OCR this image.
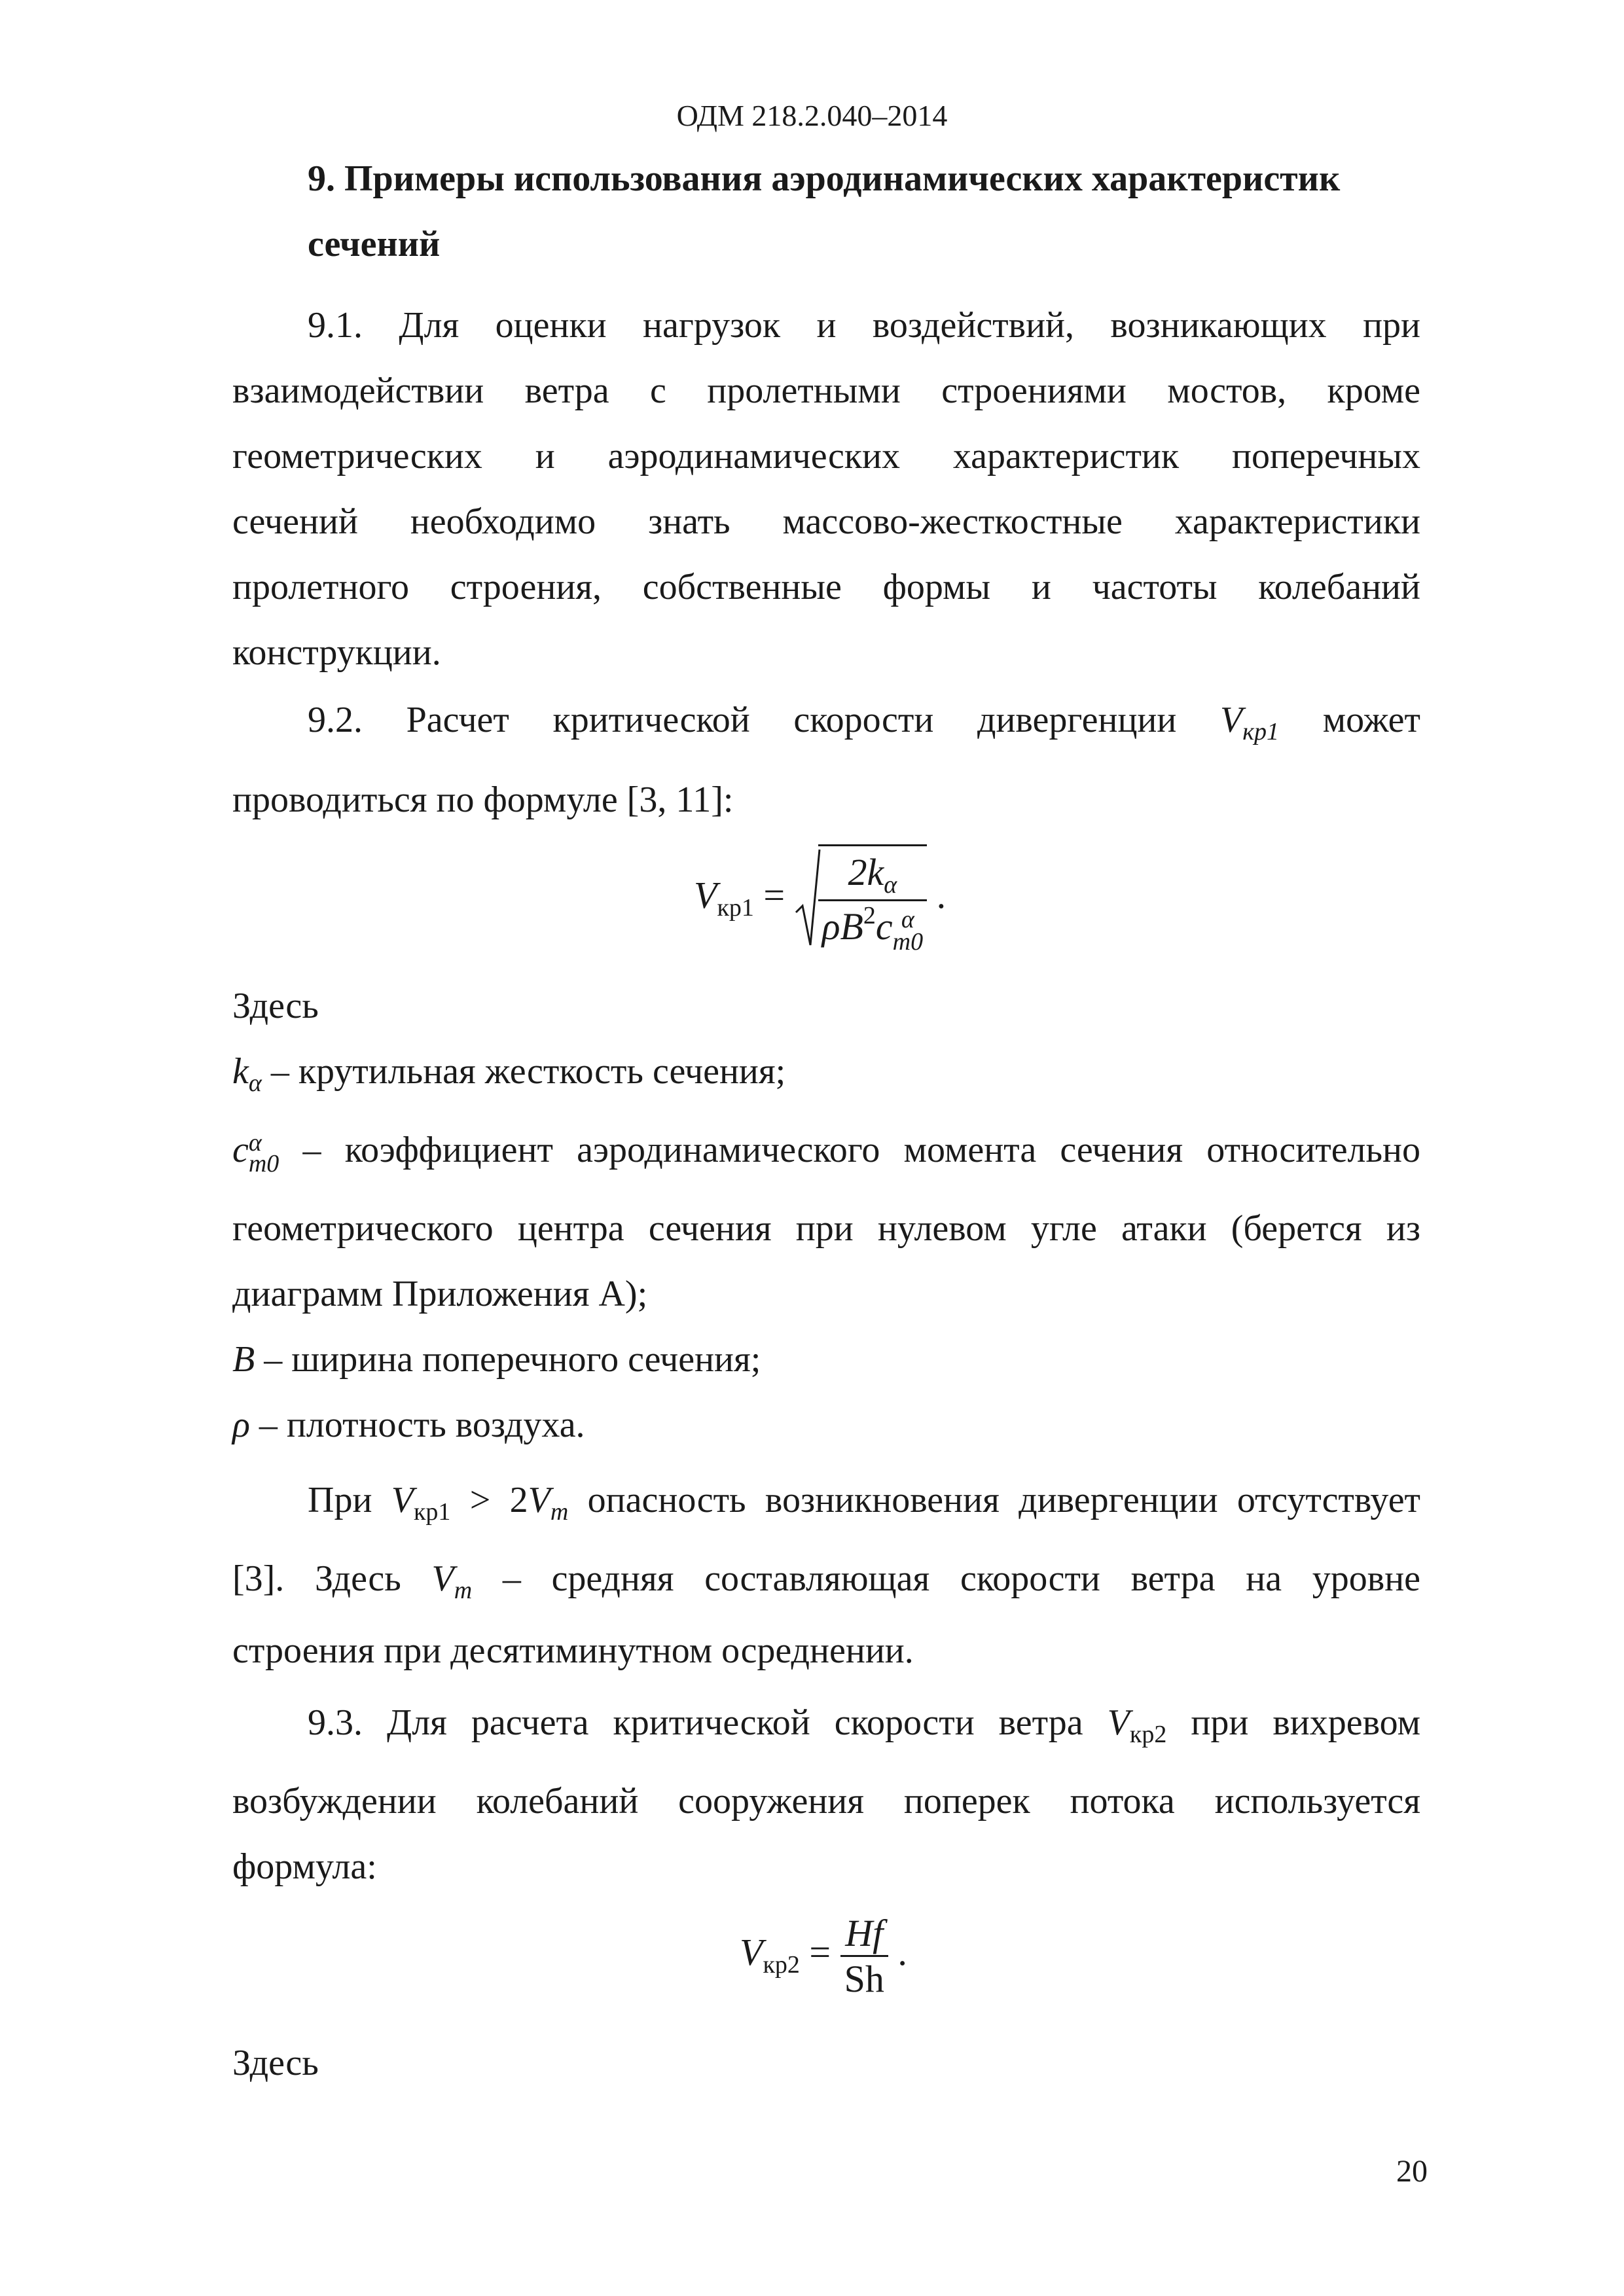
ОДМ 218.2.040–2014
9. Примеры использования аэродинамических характеристик
сечений
9.1. Для оценки нагрузок и воздействий, возникающих при
взаимодействии ветра с пролетными строениями мостов, кроме
геометрических и аэродинамических характеристик поперечных
сечений необходимо знать массово-жесткостные характеристики
пролетного строения, собственные формы и частоты колебаний
конструкции.
9.2. Расчет критической скорости дивергенции $V_{кр1}$ может
проводиться по формуле [3, 11]:
$V_{кр1} = 2k_\alpha$
$\rho B^2c$ α
m0 .
Здесь
$k_\alpha$ – крутильная жесткость сечения;
c α
m0 – коэффициент аэродинамического момента сечения относительно
геометрического центра сечения при нулевом угле атаки (берется из
диаграмм Приложения А);
B – ширина поперечного сечения;
ρ – плотность воздуха.
При $V_{кр1} > 2V_m$ опасность возникновения дивергенции отсутствует
[3]. Здесь $V_m$ – средняя составляющая скорости ветра на уровне
строения при десятиминутном осреднении.
9.3. Для расчета критической скорости ветра $V_{кр2}$ при вихревом
возбуждении колебаний сооружения поперек потока используется
формула:
$V_{кр2} = \frac{Hf}{Sh}$ .
Здесь
20
